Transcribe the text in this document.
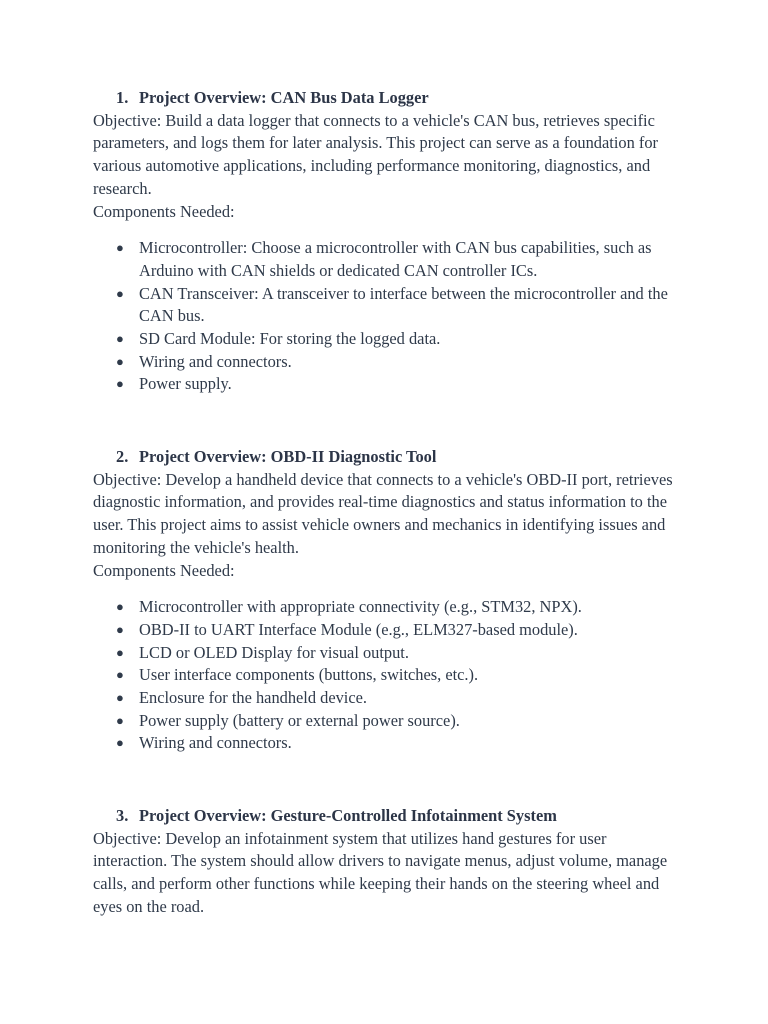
1. Project Overview: CAN Bus Data Logger

Objective: Build a data logger that connects to a vehicle's CAN bus, retrieves specific parameters, and logs them for later analysis. This project can serve as a foundation for various automotive applications, including performance monitoring, diagnostics, and research.

Components Needed:

● Microcontroller: Choose a microcontroller with CAN bus capabilities, such as Arduino with CAN shields or dedicated CAN controller ICs.
● CAN Transceiver: A transceiver to interface between the microcontroller and the CAN bus.
● SD Card Module: For storing the logged data.
● Wiring and connectors.
● Power supply.
2. Project Overview: OBD-II Diagnostic Tool

Objective: Develop a handheld device that connects to a vehicle's OBD-II port, retrieves diagnostic information, and provides real-time diagnostics and status information to the user. This project aims to assist vehicle owners and mechanics in identifying issues and monitoring the vehicle's health.

Components Needed:

● Microcontroller with appropriate connectivity (e.g., STM32, NPX).
● OBD-II to UART Interface Module (e.g., ELM327-based module).
● LCD or OLED Display for visual output.
● User interface components (buttons, switches, etc.).
● Enclosure for the handheld device.
● Power supply (battery or external power source).
● Wiring and connectors.
3. Project Overview: Gesture-Controlled Infotainment System

Objective: Develop an infotainment system that utilizes hand gestures for user interaction. The system should allow drivers to navigate menus, adjust volume, manage calls, and perform other functions while keeping their hands on the steering wheel and eyes on the road.
